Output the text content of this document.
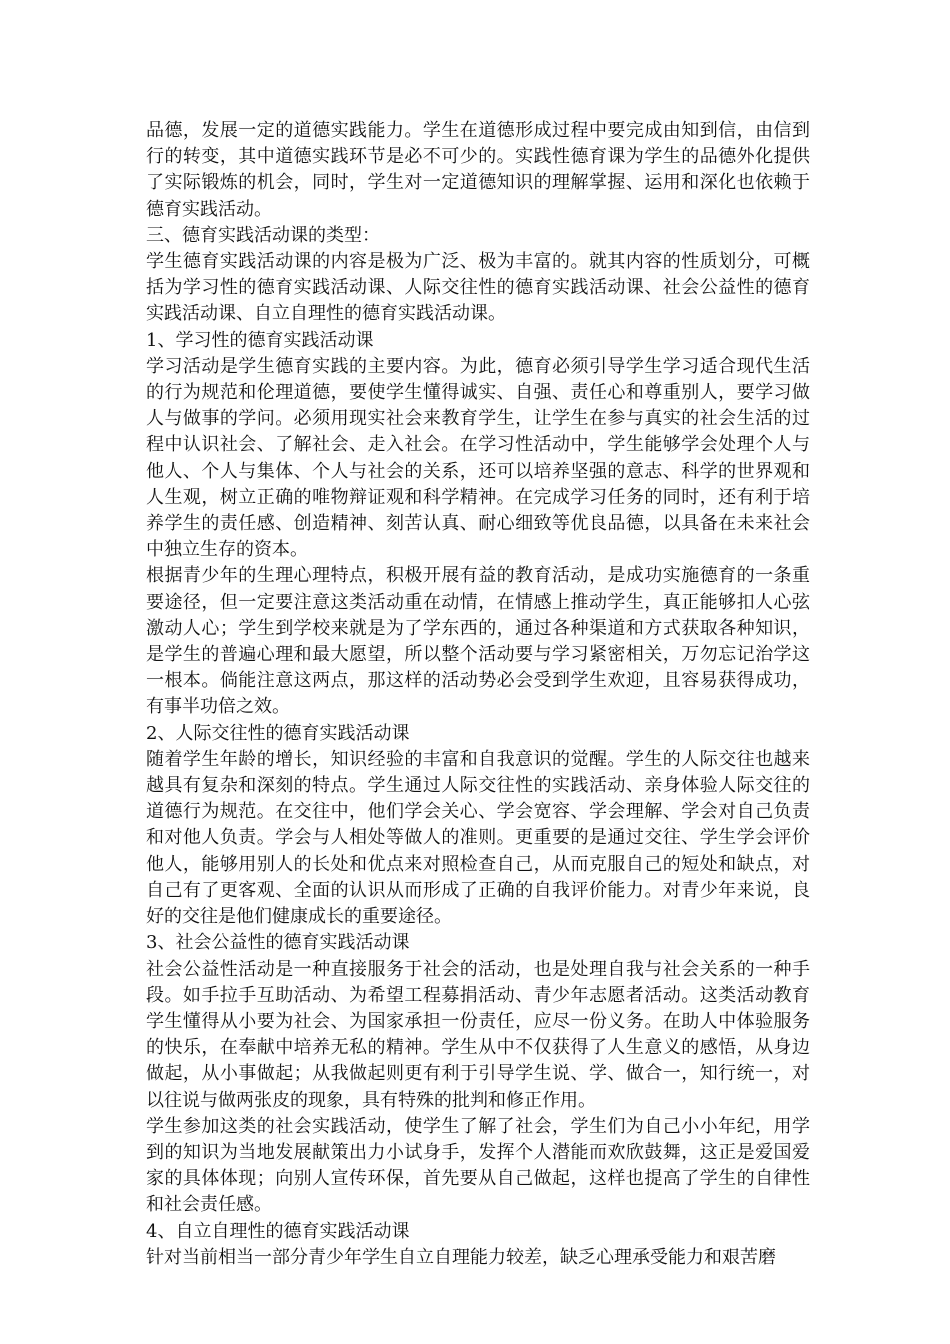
品德，发展一定的道德实践能力。学生在道德形成过程中要完成由知到信，由信到行的转变，其中道德实践环节是必不可少的。实践性德育课为学生的品德外化提供了实际锻炼的机会，同时，学生对一定道德知识的理解掌握、运用和深化也依赖于德育实践活动。

三、德育实践活动课的类型：

学生德育实践活动课的内容是极为广泛、极为丰富的。就其内容的性质划分，可概括为学习性的德育实践活动课、人际交往性的德育实践活动课、社会公益性的德育实践活动课、自立自理性的德育实践活动课。

1、学习性的德育实践活动课

学习活动是学生德育实践的主要内容。为此，德育必须引导学生学习适合现代生活的行为规范和伦理道德，要使学生懂得诚实、自强、责任心和尊重别人，要学习做人与做事的学问。必须用现实社会来教育学生，让学生在参与真实的社会生活的过程中认识社会、了解社会、走入社会。在学习性活动中，学生能够学会处理个人与他人、个人与集体、个人与社会的关系，还可以培养坚强的意志、科学的世界观和人生观，树立正确的唯物辩证观和科学精神。在完成学习任务的同时，还有利于培养学生的责任感、创造精神、刻苦认真、耐心细致等优良品德，以具备在未来社会中独立生存的资本。

根据青少年的生理心理特点，积极开展有益的教育活动，是成功实施德育的一条重要途径，但一定要注意这类活动重在动情，在情感上推动学生，真正能够扣人心弦激动人心；学生到学校来就是为了学东西的，通过各种渠道和方式获取各种知识，是学生的普遍心理和最大愿望，所以整个活动要与学习紧密相关，万勿忘记治学这一根本。倘能注意这两点，那这样的活动势必会受到学生欢迎，且容易获得成功，有事半功倍之效。

2、人际交往性的德育实践活动课

随着学生年龄的增长，知识经验的丰富和自我意识的觉醒。学生的人际交往也越来越具有复杂和深刻的特点。学生通过人际交往性的实践活动、亲身体验人际交往的道德行为规范。在交往中，他们学会关心、学会宽容、学会理解、学会对自己负责和对他人负责。学会与人相处等做人的准则。更重要的是通过交往、学生学会评价他人，能够用别人的长处和优点来对照检查自己，从而克服自己的短处和缺点，对自己有了更客观、全面的认识从而形成了正确的自我评价能力。对青少年来说，良好的交往是他们健康成长的重要途径。

3、社会公益性的德育实践活动课

社会公益性活动是一种直接服务于社会的活动，也是处理自我与社会关系的一种手段。如手拉手互助活动、为希望工程募捐活动、青少年志愿者活动。这类活动教育学生懂得从小要为社会、为国家承担一份责任，应尽一份义务。在助人中体验服务的快乐，在奉献中培养无私的精神。学生从中不仅获得了人生意义的感悟，从身边做起，从小事做起；从我做起则更有利于引导学生说、学、做合一，知行统一，对以往说与做两张皮的现象，具有特殊的批判和修正作用。

学生参加这类的社会实践活动，使学生了解了社会，学生们为自己小小年纪，用学到的知识为当地发展献策出力小试身手，发挥个人潜能而欢欣鼓舞，这正是爱国爱家的具体体现；向别人宣传环保，首先要从自己做起，这样也提高了学生的自律性和社会责任感。

4、自立自理性的德育实践活动课

针对当前相当一部分青少年学生自立自理能力较差，缺乏心理承受能力和艰苦磨
